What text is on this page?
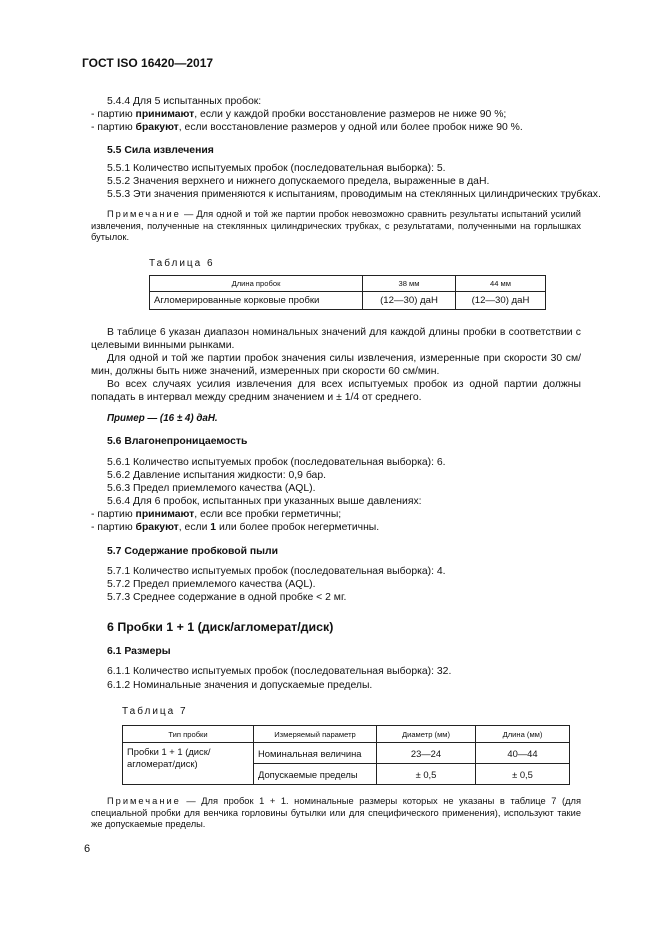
ГОСТ ISO 16420—2017
5.4.4 Для 5 испытанных пробок:
- партию принимают, если у каждой пробки восстановление размеров не ниже 90 %;
- партию бракуют, если восстановление размеров у одной или более пробок ниже 90 %.
5.5 Сила извлечения
5.5.1 Количество испытуемых пробок (последовательная выборка): 5.
5.5.2 Значения верхнего и нижнего допускаемого предела, выраженные в даН.
5.5.3 Эти значения применяются к испытаниям, проводимым на стеклянных цилиндрических трубках.
Примечание — Для одной и той же партии пробок невозможно сравнить результаты испытаний усилий извлечения, полученные на стеклянных цилиндрических трубках, с результатами, полученными на горлышках бутылок.
Таблица 6
Длина пробок	38 мм	44 мм
Агломерированные корковые пробки	(12—30) даН	(12—30) даН
В таблице 6 указан диапазон номинальных значений для каждой длины пробки в соответствии с целевыми винными рынками.
Для одной и той же партии пробок значения силы извлечения, измеренные при скорости 30 см/мин, должны быть ниже значений, измеренных при скорости 60 см/мин.
Во всех случаях усилия извлечения для всех испытуемых пробок из одной партии должны попадать в интервал между средним значением и ± 1/4 от среднего.
Пример — (16 ± 4) даН.
5.6 Влагонепроницаемость
5.6.1 Количество испытуемых пробок (последовательная выборка): 6.
5.6.2 Давление испытания жидкости: 0,9 бар.
5.6.3 Предел приемлемого качества (AQL).
5.6.4 Для 6 пробок, испытанных при указанных выше давлениях:
- партию принимают, если все пробки герметичны;
- партию бракуют, если 1 или более пробок негерметичны.
5.7 Содержание пробковой пыли
5.7.1 Количество испытуемых пробок (последовательная выборка): 4.
5.7.2 Предел приемлемого качества (AQL).
5.7.3 Среднее содержание в одной пробке < 2 мг.
6 Пробки 1 + 1 (диск/агломерат/диск)
6.1 Размеры
6.1.1 Количество испытуемых пробок (последовательная выборка): 32.
6.1.2 Номинальные значения и допускаемые пределы.
Таблица 7
Тип пробки	Измеряемый параметр	Диаметр (мм)	Длина (мм)
Пробки 1 + 1 (диск/агломерат/диск)	Номинальная величина	23—24	40—44
	Допускаемые пределы	± 0,5	± 0,5
Примечание — Для пробок 1 + 1. номинальные размеры которых не указаны в таблице 7 (для специальной пробки для венчика горловины бутылки или для специфического применения), используют такие же допускаемые пределы.
6
